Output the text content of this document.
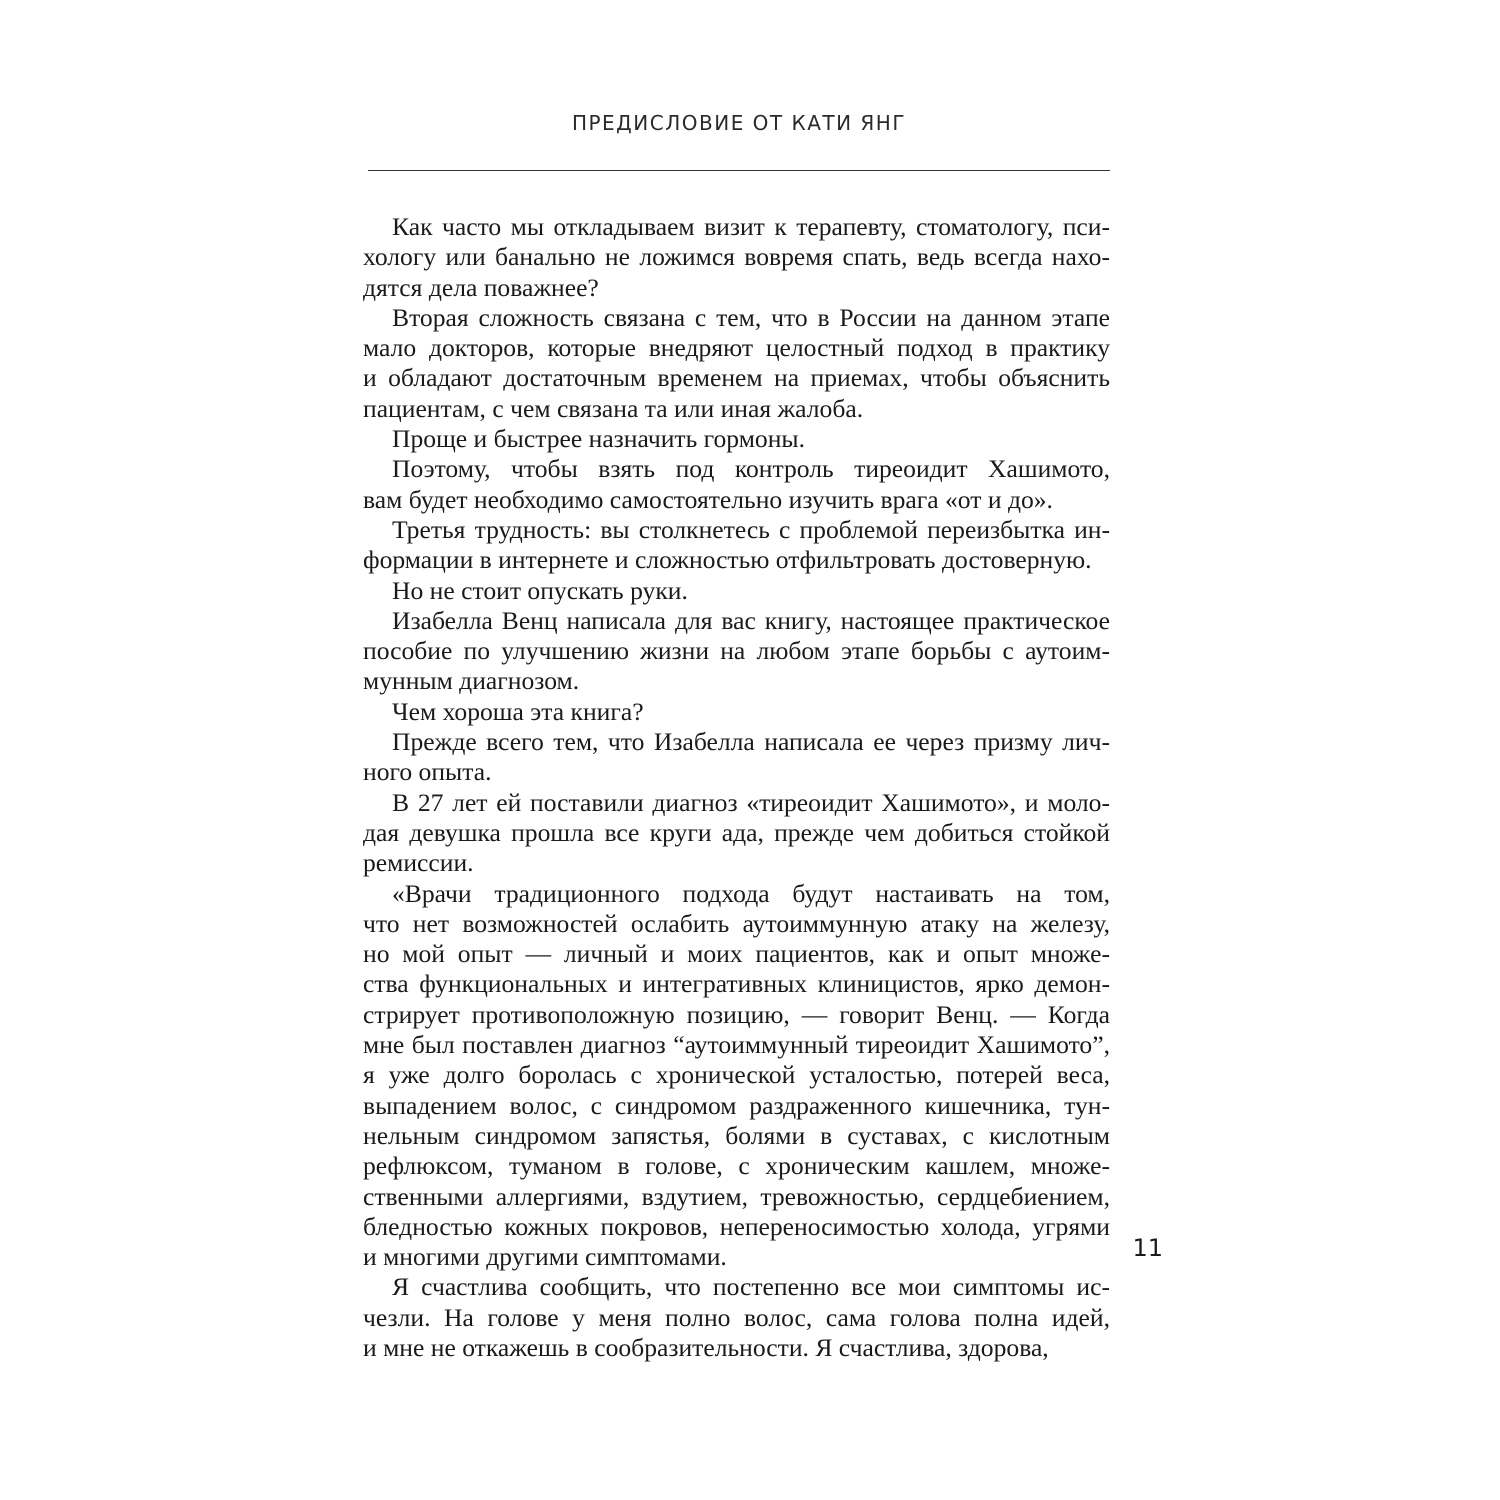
ПРЕДИСЛОВИЕ ОТ КАТИ ЯНГ
Как часто мы откладываем визит к терапевту, стоматологу, пси-
хологу или банально не ложимся вовремя спать, ведь всегда нахо-
дятся дела поважнее?
Вторая сложность связана с тем, что в России на данном этапе
мало докторов, которые внедряют целостный подход в практику
и обладают достаточным временем на приемах, чтобы объяснить
пациентам, с чем связана та или иная жалоба.
Проще и быстрее назначить гормоны.
Поэтому, чтобы взять под контроль тиреоидит Хашимото,
вам будет необходимо самостоятельно изучить врага «от и до».
Третья трудность: вы столкнетесь с проблемой переизбытка ин-
формации в интернете и сложностью отфильтровать достоверную.
Но не стоит опускать руки.
Изабелла Венц написала для вас книгу, настоящее практическое
пособие по улучшению жизни на любом этапе борьбы с аутоим-
мунным диагнозом.
Чем хороша эта книга?
Прежде всего тем, что Изабелла написала ее через призму лич-
ного опыта.
В 27 лет ей поставили диагноз «тиреоидит Хашимото», и моло-
дая девушка прошла все круги ада, прежде чем добиться стойкой
ремиссии.
«Врачи традиционного подхода будут настаивать на том,
что нет возможностей ослабить аутоиммунную атаку на железу,
но мой опыт — личный и моих пациентов, как и опыт множе-
ства функциональных и интегративных клиницистов, ярко демон-
стрирует противоположную позицию, — говорит Венц. — Когда
мне был поставлен диагноз “аутоиммунный тиреоидит Хашимото”,
я уже долго боролась с хронической усталостью, потерей веса,
выпадением волос, с синдромом раздраженного кишечника, тун-
нельным синдромом запястья, болями в суставах, с кислотным
рефлюксом, туманом в голове, с хроническим кашлем, множе-
ственными аллергиями, вздутием, тревожностью, сердцебиением,
бледностью кожных покровов, непереносимостью холода, угрями
и многими другими симптомами.
Я счастлива сообщить, что постепенно все мои симптомы ис-
чезли. На голове у меня полно волос, сама голова полна идей,
и мне не откажешь в сообразительности. Я счастлива, здорова,
11
